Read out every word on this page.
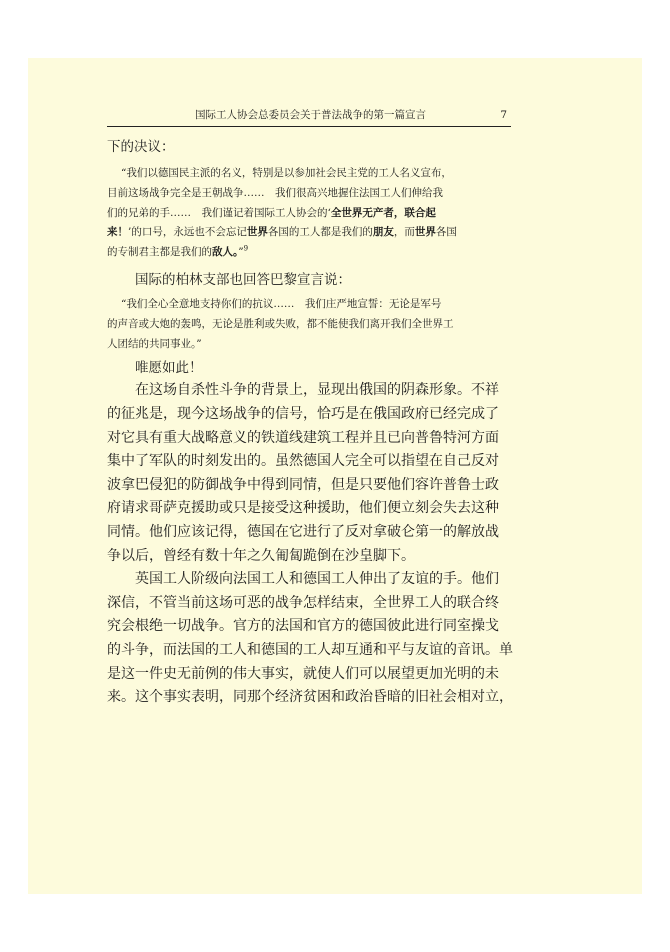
国际工人协会总委员会关于普法战争的第一篇宣言	7

下的决议：

“我们以德国民主派的名义，特别是以参加社会民主党的工人名义宣布，

目前这场战争完全是王朝战争……　我们很高兴地握住法国工人们伸给我

们的兄弟的手……　我们谨记着国际工人协会的‘全世界无产者，联合起

来！’的口号，永远也不会忘记世界各国的工人都是我们的朋友，而世界各国

的专制君主都是我们的敌人。”$^9$

国际的柏林支部也回答巴黎宣言说：

“我们全心全意地支持你们的抗议……　我们庄严地宣誓：无论是军号

的声音或大炮的轰鸣，无论是胜利或失败，都不能使我们离开我们全世界工

人团结的共同事业。”

唯愿如此！

在这场自杀性斗争的背景上，显现出俄国的阴森形象。不祥

的征兆是，现今这场战争的信号，恰巧是在俄国政府已经完成了

对它具有重大战略意义的铁道线建筑工程并且已向普鲁特河方面

集中了军队的时刻发出的。虽然德国人完全可以指望在自己反对

波拿巴侵犯的防御战争中得到同情，但是只要他们容许普鲁士政

府请求哥萨克援助或只是接受这种援助，他们便立刻会失去这种

同情。他们应该记得，德国在它进行了反对拿破仑第一的解放战

争以后，曾经有数十年之久匍匐跪倒在沙皇脚下。

英国工人阶级向法国工人和德国工人伸出了友谊的手。他们

深信，不管当前这场可恶的战争怎样结束，全世界工人的联合终

究会根绝一切战争。官方的法国和官方的德国彼此进行同室操戈

的斗争，而法国的工人和德国的工人却互通和平与友谊的音讯。单

是这一件史无前例的伟大事实，就使人们可以展望更加光明的未

来。这个事实表明，同那个经济贫困和政治昏暗的旧社会相对立，
